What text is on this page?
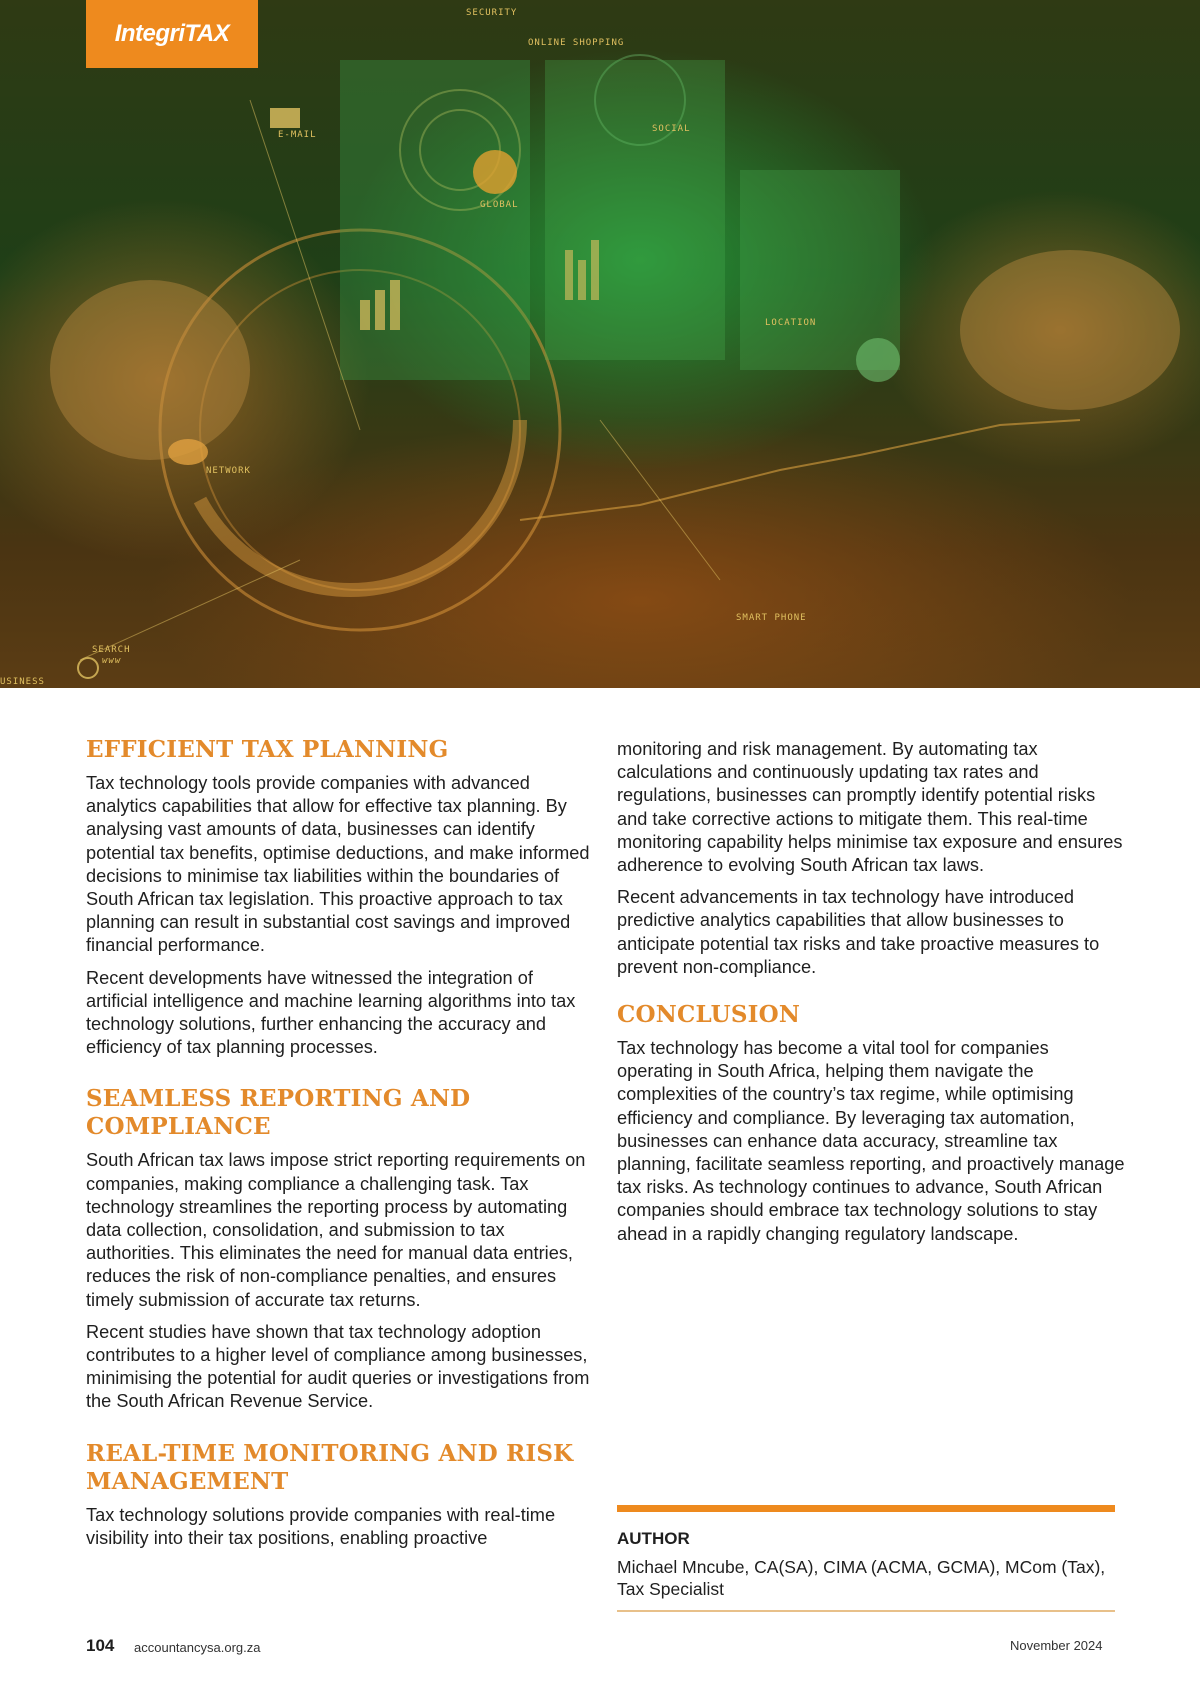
IntegriTAX
SECURITY
ONLINE SHOPPING
E-MAIL
SOCIAL
GLOBAL
LOCATION
NETWORK
SMART PHONE
SEARCH
www
USINESS
EFFICIENT TAX PLANNING

Tax technology tools provide companies with advanced analytics capabilities that allow for effective tax planning. By analysing vast amounts of data, businesses can identify potential tax benefits, optimise deductions, and make informed decisions to minimise tax liabilities within the boundaries of South African tax legislation. This proactive approach to tax planning can result in substantial cost savings and improved financial performance.

Recent developments have witnessed the integration of artificial intelligence and machine learning algorithms into tax technology solutions, further enhancing the accuracy and efficiency of tax planning processes.

SEAMLESS REPORTING AND COMPLIANCE

South African tax laws impose strict reporting requirements on companies, making compliance a challenging task. Tax technology streamlines the reporting process by automating data collection, consolidation, and submission to tax authorities. This eliminates the need for manual data entries, reduces the risk of non-compliance penalties, and ensures timely submission of accurate tax returns.

Recent studies have shown that tax technology adoption contributes to a higher level of compliance among businesses, minimising the potential for audit queries or investigations from the South African Revenue Service.

REAL-TIME MONITORING AND RISK MANAGEMENT

Tax technology solutions provide companies with real-time visibility into their tax positions, enabling proactive

monitoring and risk management. By automating tax calculations and continuously updating tax rates and regulations, businesses can promptly identify potential risks and take corrective actions to mitigate them. This real-time monitoring capability helps minimise tax exposure and ensures adherence to evolving South African tax laws.

Recent advancements in tax technology have introduced predictive analytics capabilities that allow businesses to anticipate potential tax risks and take proactive measures to prevent non-compliance.

CONCLUSION

Tax technology has become a vital tool for companies operating in South Africa, helping them navigate the complexities of the country’s tax regime, while optimising efficiency and compliance. By leveraging tax automation, businesses can enhance data accuracy, streamline tax planning, facilitate seamless reporting, and proactively manage tax risks. As technology continues to advance, South African companies should embrace tax technology solutions to stay ahead in a rapidly changing regulatory landscape.

AUTHOR
Michael Mncube, CA(SA), CIMA (ACMA, GCMA), MCom (Tax), Tax Specialist
104 accountancysa.org.za	November 2024
